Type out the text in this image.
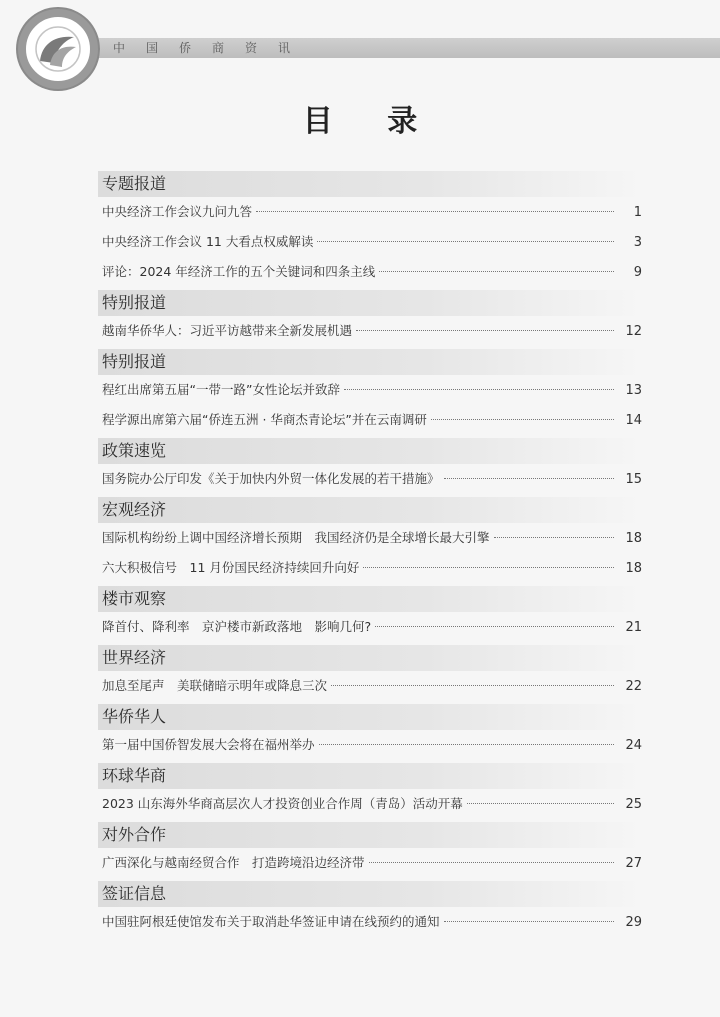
中国侨商资讯
目 录
专题报道
中央经济工作会议九问九答	1
中央经济工作会议 11 大看点权威解读	3
评论：2024 年经济工作的五个关键词和四条主线	9
特别报道
越南华侨华人：习近平访越带来全新发展机遇	12
特别报道
程红出席第五届“一带一路”女性论坛并致辞	13
程学源出席第六届“侨连五洲 · 华商杰青论坛”并在云南调研	14
政策速览
国务院办公厅印发《关于加快内外贸一体化发展的若干措施》	15
宏观经济
国际机构纷纷上调中国经济增长预期　我国经济仍是全球增长最大引擎	18
六大积极信号　11 月份国民经济持续回升向好	18
楼市观察
降首付、降利率　京沪楼市新政落地　影响几何?	21
世界经济
加息至尾声　美联储暗示明年或降息三次	22
华侨华人
第一届中国侨智发展大会将在福州举办	24
环球华商
2023 山东海外华商高层次人才投资创业合作周（青岛）活动开幕	25
对外合作
广西深化与越南经贸合作　打造跨境沿边经济带	27
签证信息
中国驻阿根廷使馆发布关于取消赴华签证申请在线预约的通知	29
